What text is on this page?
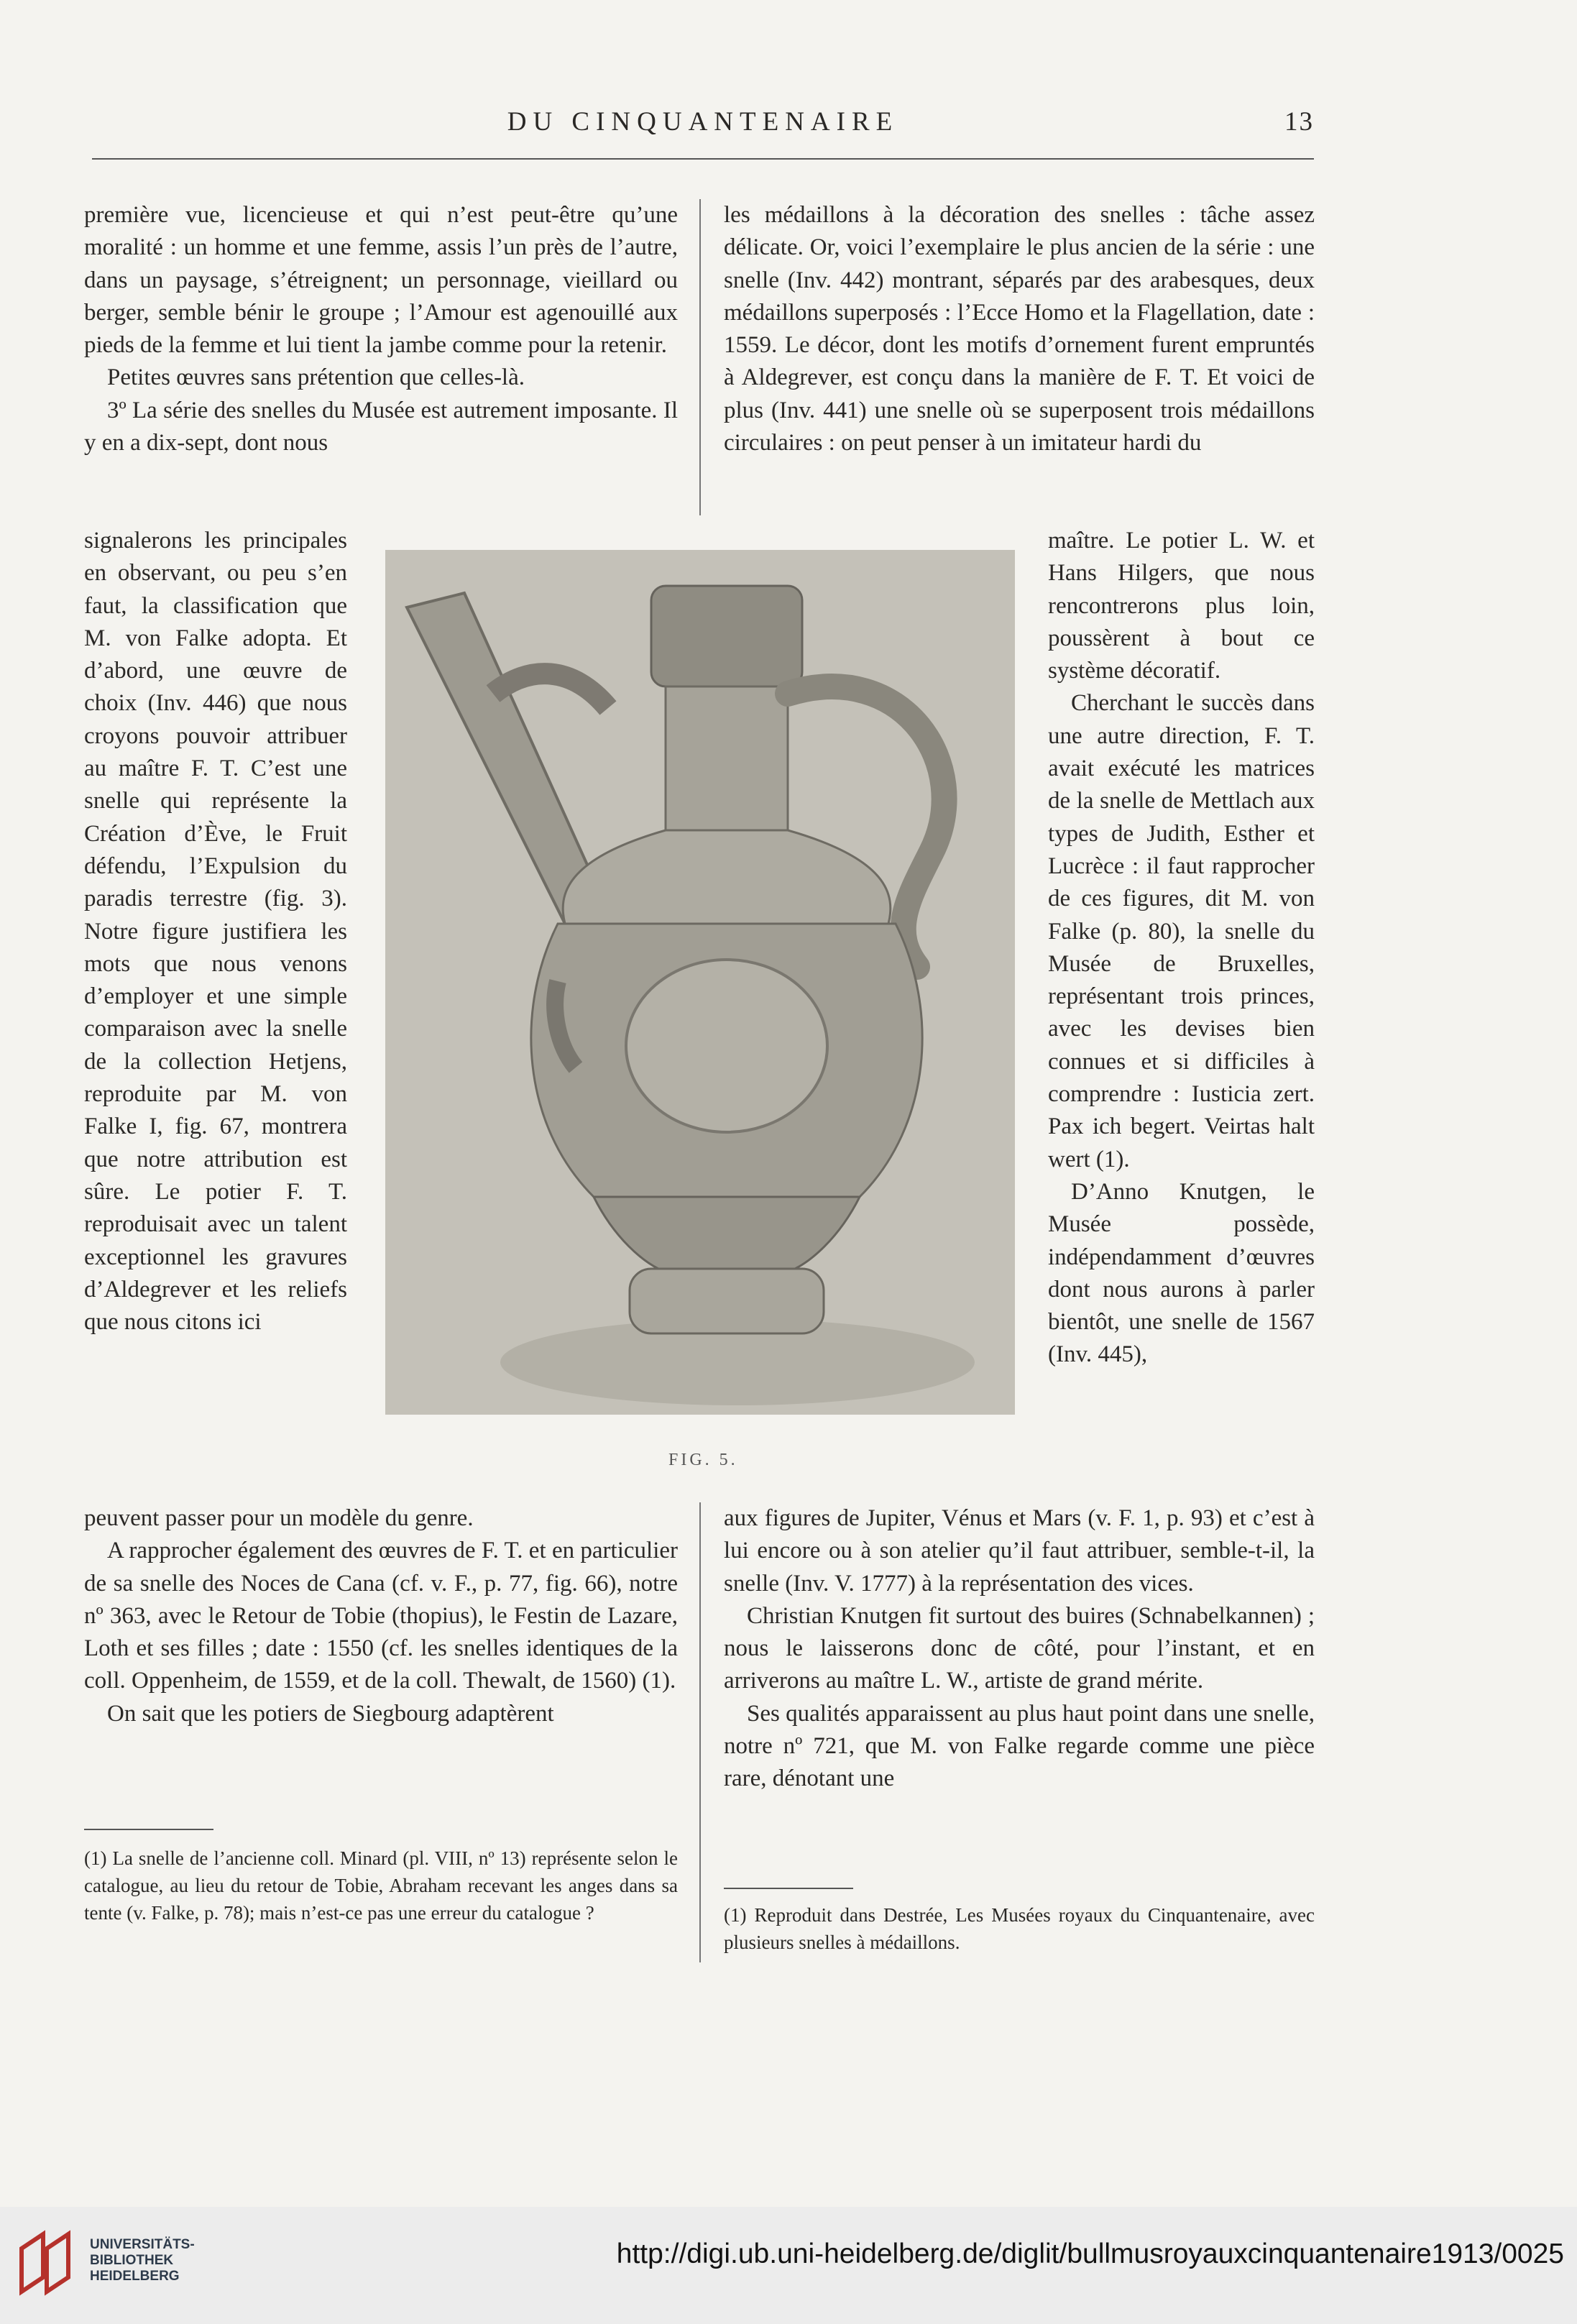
DU CINQUANTENAIRE	13

première vue, licencieuse et qui n’est peut-être qu’une moralité : un homme et une femme, assis l’un près de l’autre, dans un paysage, s’étreignent; un personnage, vieillard ou berger, semble bénir le groupe ; l’Amour est agenouillé aux pieds de la femme et lui tient la jambe comme pour la retenir.

Petites œuvres sans prétention que celles-là.

3º La série des snelles du Musée est autrement imposante. Il y en a dix-sept, dont nous

signalerons les principales en observant, ou peu s’en faut, la classification que M. von Falke adopta. Et d’abord, une œuvre de choix (Inv. 446) que nous croyons pouvoir attribuer au maître F. T. C’est une snelle qui représente la Création d’Ève, le Fruit défendu, l’Expulsion du paradis terrestre (fig. 3). Notre figure justifiera les mots que nous venons d’employer et une simple comparaison avec la snelle de la collection Hetjens, reproduite par M. von Falke I, fig. 67, montrera que notre attribution est sûre. Le potier F. T. reproduisait avec un talent exceptionnel les gravures d’Aldegrever et les reliefs que nous citons ici

peuvent passer pour un modèle du genre.

A rapprocher également des œuvres de F. T. et en particulier de sa snelle des Noces de Cana (cf. v. F., p. 77, fig. 66), notre nº 363, avec le Retour de Tobie (thopius), le Festin de Lazare, Loth et ses filles ; date : 1550 (cf. les snelles identiques de la coll. Oppenheim, de 1559, et de la coll. Thewalt, de 1560) (1).

On sait que les potiers de Siegbourg adaptèrent

les médaillons à la décoration des snelles : tâche assez délicate. Or, voici l’exemplaire le plus ancien de la série : une snelle (Inv. 442) montrant, séparés par des arabesques, deux médaillons superposés : l’Ecce Homo et la Flagellation, date : 1559. Le décor, dont les motifs d’ornement furent empruntés à Aldegrever, est conçu dans la manière de F. T. Et voici de plus (Inv. 441) une snelle où se superposent trois médaillons circulaires : on peut penser à un imitateur hardi du

maître. Le potier L. W. et Hans Hilgers, que nous rencontrerons plus loin, poussèrent à bout ce système décoratif.

Cherchant le succès dans une autre direction, F. T. avait exécuté les matrices de la snelle de Mettlach aux types de Judith, Esther et Lucrèce : il faut rapprocher de ces figures, dit M. von Falke (p. 80), la snelle du Musée de Bruxelles, représentant trois princes, avec les devises bien connues et si difficiles à comprendre : Iusticia zert. Pax ich begert. Veirtas halt wert (1).

D’Anno Knutgen, le Musée possède, indépendamment d’œuvres dont nous aurons à parler bientôt, une snelle de 1567 (Inv. 445),

aux figures de Jupiter, Vénus et Mars (v. F. 1, p. 93) et c’est à lui encore ou à son atelier qu’il faut attribuer, semble-t-il, la snelle (Inv. V. 1777) à la représentation des vices.

Christian Knutgen fit surtout des buires (Schnabelkannen) ; nous le laisserons donc de côté, pour l’instant, et en arriverons au maître L. W., artiste de grand mérite.

Ses qualités apparaissent au plus haut point dans une snelle, notre nº 721, que M. von Falke regarde comme une pièce rare, dénotant une

FIG. 5.
(1) La snelle de l’ancienne coll. Minard (pl. VIII, nº 13) représente selon le catalogue, au lieu du retour de Tobie, Abraham recevant les anges dans sa tente (v. Falke, p. 78); mais n’est-ce pas une erreur du catalogue ?	(1) Reproduit dans Destrée, Les Musées royaux du Cinquantenaire, avec plusieurs snelles à médaillons.
UNIVERSITÄTS-
BIBLIOTHEK
HEIDELBERG
http://digi.ub.uni-heidelberg.de/diglit/bullmusroyauxcinquantenaire1913/0025
